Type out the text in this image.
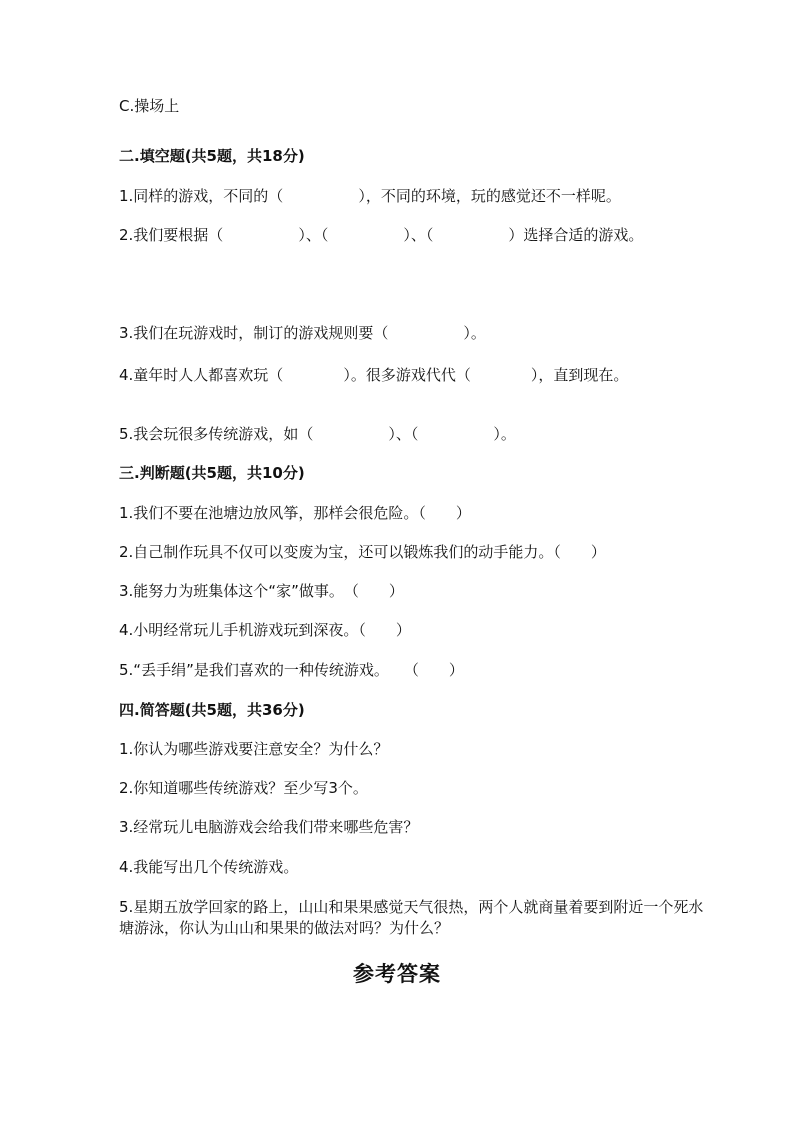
C.操场上
二.填空题(共5题，共18分)
1.同样的游戏，不同的（　　　　　），不同的环境，玩的感觉还不一样呢。
2.我们要根据（　　　　　）、（　　　　　）、（　　　　　）选择合适的游戏。
3.我们在玩游戏时，制订的游戏规则要（　　　　　）。
4.童年时人人都喜欢玩（　　　　）。很多游戏代代（　　　　），直到现在。
5.我会玩很多传统游戏，如（　　　　　）、（　　　　　）。
三.判断题(共5题，共10分)
1.我们不要在池塘边放风筝，那样会很危险。（　　）
2.自己制作玩具不仅可以变废为宝，还可以锻炼我们的动手能力。（　　）
3.能努力为班集体这个“家”做事。　（　　）
4.小明经常玩儿手机游戏玩到深夜。（　　）
5.“丢手绢”是我们喜欢的一种传统游戏。　　（　　）
四.简答题(共5题，共36分)
1.你认为哪些游戏要注意安全？为什么？
2.你知道哪些传统游戏？至少写3个。
3.经常玩儿电脑游戏会给我们带来哪些危害？
4.我能写出几个传统游戏。
5.星期五放学回家的路上，山山和果果感觉天气很热，两个人就商量着要到附近一个死水塘游泳，你认为山山和果果的做法对吗？为什么？
参考答案
